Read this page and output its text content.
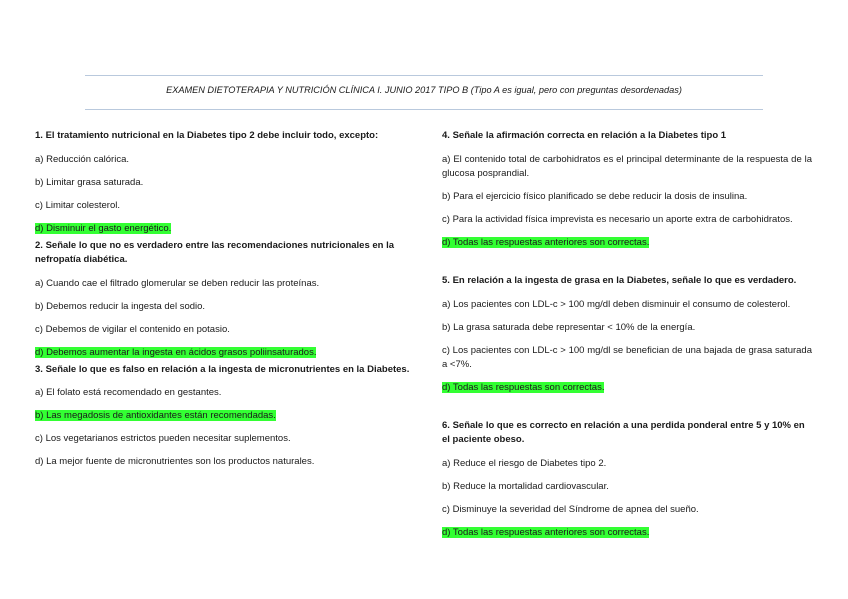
EXAMEN DIETOTERAPIA Y NUTRICIÓN CLÍNICA I. JUNIO 2017 TIPO B (Tipo A es igual, pero con preguntas desordenadas)

1. El tratamiento nutricional en la Diabetes tipo 2 debe incluir todo, excepto:

a) Reducción calórica.

b) Limitar grasa saturada.

c) Limitar colesterol.

d) Disminuir el gasto energético.

2. Señale lo que no es verdadero entre las recomendaciones nutricionales en la nefropatía diabética.

a) Cuando cae el filtrado glomerular se deben reducir las proteínas.

b) Debemos reducir la ingesta del sodio.

c) Debemos de vigilar el contenido en potasio.

d) Debemos aumentar la ingesta en ácidos grasos poliinsaturados.

3. Señale lo que es falso en relación a la ingesta de micronutrientes en la Diabetes.

a) El folato está recomendado en gestantes.

b) Las megadosis de antioxidantes están recomendadas.

c) Los vegetarianos estrictos pueden necesitar suplementos.

d) La mejor fuente de micronutrientes son los productos naturales.

4. Señale la afirmación correcta en relación a la Diabetes tipo 1

a) El contenido total de carbohidratos es el principal determinante de la respuesta de la glucosa posprandial.

b) Para el ejercicio físico planificado se debe reducir la dosis de insulina.

c) Para la actividad física imprevista es necesario un aporte extra de carbohidratos.

d) Todas las respuestas anteriores son correctas.

5. En relación a la ingesta de grasa en la Diabetes, señale lo que es verdadero.

a) Los pacientes con LDL-c > 100 mg/dl deben disminuir el consumo de colesterol.

b) La grasa saturada debe representar < 10% de la energía.

c) Los pacientes con LDL-c > 100 mg/dl se benefician de una bajada de grasa saturada a <7%.

d) Todas las respuestas son correctas.

6. Señale lo que es correcto en relación a una perdida ponderal entre 5 y 10% en el paciente obeso.

a) Reduce el riesgo de Diabetes tipo 2.

b) Reduce la mortalidad cardiovascular.

c) Disminuye la severidad del Síndrome de apnea del sueño.

d) Todas las respuestas anteriores son correctas.
